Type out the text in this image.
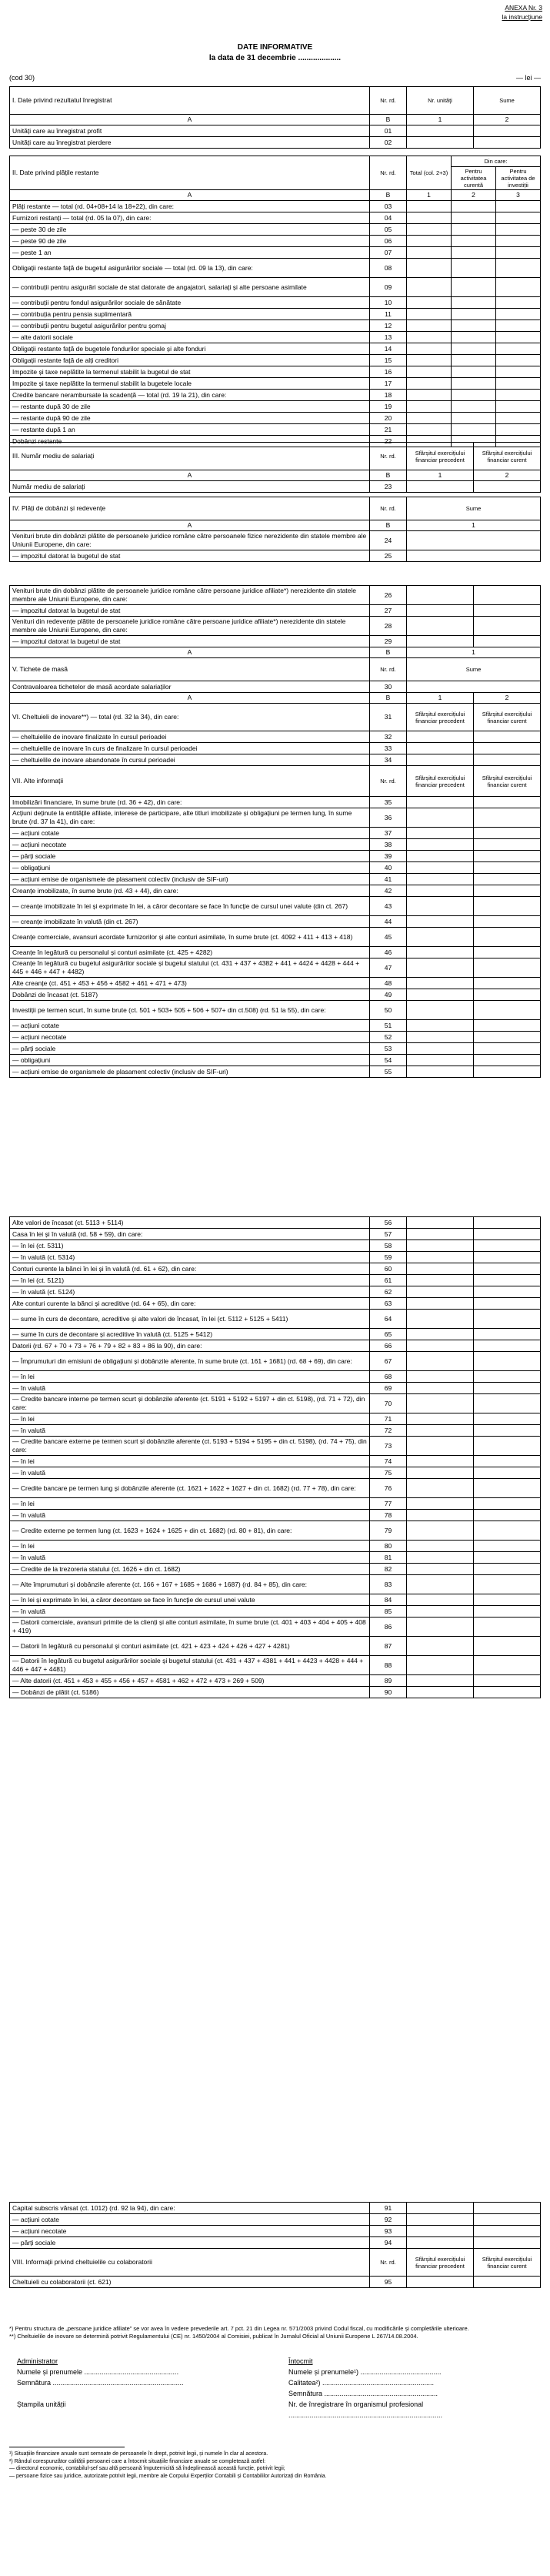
ANEXA Nr. 3
la instrucțiune
DATE INFORMATIVE
la data de 31 decembrie ....................
(cod 30)	— lei —
I. Date privind rezultatul înregistrat	Nr. rd.	Nr. unităţi	Sume
A	B	1	2
Unități care au înregistrat profit	01		
Unități care au înregistrat pierdere	02		
II. Date privind plățile restante	Nr. rd.	Total (col. 2+3)	Din care:	
			Pentru activitatea curentă	Pentru activitatea de investiții
A	B	1	2	3
Plăți restante — total (rd. 04+08+14 la 18+22), din care:	03			
Furnizori restanți — total (rd. 05 la 07), din care:	04			
— peste 30 de zile	05			
— peste 90 de zile	06			
— peste 1 an	07			
Obligații restante față de bugetul asigurărilor sociale — total (rd. 09 la 13), din care:	08			
— contribuții pentru asigurări sociale de stat datorate de angajatori, salariați și alte persoane asimilate	09			
— contribuții pentru fondul asigurărilor sociale de sănătate	10			
— contribuția pentru pensia suplimentară	11			
— contribuții pentru bugetul asigurărilor pentru șomaj	12			
— alte datorii sociale	13			
Obligații restante față de bugetele fondurilor speciale și alte fonduri	14			
Obligații restante față de alți creditori	15			
Impozite și taxe neplătite la termenul stabilit la bugetul de stat	16			
Impozite și taxe neplătite la termenul stabilit la bugetele locale	17			
Credite bancare nerambursate la scadență — total (rd. 19 la 21), din care:	18			
— restante după 30 de zile	19			
— restante după 90 de zile	20			
— restante după 1 an	21			
Dobânzi restante	22			
III. Număr mediu de salariați	Nr. rd.	Sfârșitul exercițiului financiar precedent	Sfârșitul exercițiului financiar curent
A	B	1	2
Număr mediu de salariați	23		
IV. Plăți de dobânzi și redevențe	Nr. rd.	Sume
A	B	1
Venituri brute din dobânzi plătite de persoanele juridice române către persoanele fizice nerezidente din statele membre ale Uniunii Europene, din care:	24	
— impozitul datorat la bugetul de stat	25	
Venituri brute din dobânzi plătite de persoanele juridice române către persoane juridice afiliate*) nerezidente din statele membre ale Uniunii Europene, din care:	26		
— impozitul datorat la bugetul de stat	27		
Venituri din redevențe plătite de persoanele juridice române către persoane juridice afiliate*) nerezidente din statele membre ale Uniunii Europene, din care:	28		
— impozitul datorat la bugetul de stat	29		
A	B	1	
V. Tichete de masă	Nr. rd.	Sume	
Contravaloarea tichetelor de masă acordate salariaților	30		
A	B	1	2
VI. Cheltuieli de inovare**) — total (rd. 32 la 34), din care:	31	Sfârșitul exercițiului financiar precedent	Sfârșitul exercițiului financiar curent
— cheltuielile de inovare finalizate în cursul perioadei	32		
— cheltuielile de inovare în curs de finalizare în cursul perioadei	33		
— cheltuielile de inovare abandonate în cursul perioadei	34		
VII. Alte informații	Nr. rd.	Sfârșitul exercițiului financiar precedent	Sfârșitul exercițiului financiar curent
Imobilizări financiare, în sume brute (rd. 36 + 42), din care:	35		
Acțiuni deținute la entitățile afiliate, interese de participare, alte titluri imobilizate și obligațiuni pe termen lung, în sume brute (rd. 37 la 41), din care:	36		
— acțiuni cotate	37		
— acțiuni necotate	38		
— părți sociale	39		
— obligațiuni	40		
— acțiuni emise de organismele de plasament colectiv (inclusiv de SIF-uri)	41		
Creanțe imobilizate, în sume brute (rd. 43 + 44), din care:	42		
— creanțe imobilizate în lei și exprimate în lei, a căror decontare se face în funcție de cursul unei valute (din ct. 267)	43		
— creanțe imobilizate în valută (din ct. 267)	44		
Creanțe comerciale, avansuri acordate furnizorilor și alte conturi asimilate, în sume brute (ct. 4092 + 411 + 413 + 418)	45		
Creanțe în legătură cu personalul și conturi asimilate (ct. 425 + 4282)	46		
Creanțe în legătură cu bugetul asigurărilor sociale și bugetul statului (ct. 431 + 437 + 4382 + 441 + 4424 + 4428 + 444 + 445 + 446 + 447 + 4482)	47		
Alte creanțe (ct. 451 + 453 + 456 + 4582 + 461 + 471 + 473)	48		
Dobânzi de încasat (ct. 5187)	49		
Investiții pe termen scurt, în sume brute (ct. 501 + 503+ 505 + 506 + 507+ din ct.508) (rd. 51 la 55), din care:	50		
— acțiuni cotate	51		
— acțiuni necotate	52		
— părți sociale	53		
— obligațiuni	54		
— acțiuni emise de organismele de plasament colectiv (inclusiv de SIF-uri)	55		
Alte valori de încasat (ct. 5113 + 5114)	56		
Casa în lei și în valută (rd. 58 + 59), din care:	57		
— în lei (ct. 5311)	58		
— în valută (ct. 5314)	59		
Conturi curente la bănci în lei și în valută (rd. 61 + 62), din care:	60		
— în lei (ct. 5121)	61		
— în valută (ct. 5124)	62		
Alte conturi curente la bănci și acreditive (rd. 64 + 65), din care:	63		
— sume în curs de decontare, acreditive și alte valori de încasat, în lei (ct. 5112 + 5125 + 5411)	64		
— sume în curs de decontare și acreditive în valută (ct. 5125 + 5412)	65		
Datorii (rd. 67 + 70 + 73 + 76 + 79 + 82 + 83 + 86 la 90), din care:	66		
— Împrumuturi din emisiuni de obligațiuni și dobânzile aferente, în sume brute (ct. 161 + 1681) (rd. 68 + 69), din care:	67		
— în lei	68		
— în valută	69		
— Credite bancare interne pe termen scurt și dobânzile aferente (ct. 5191 + 5192 + 5197 + din ct. 5198), (rd. 71 + 72), din care:	70		
— în lei	71		
— în valută	72		
— Credite bancare externe pe termen scurt și dobânzile aferente (ct. 5193 + 5194 + 5195 + din ct. 5198), (rd. 74 + 75), din care:	73		
— în lei	74		
— în valută	75		
— Credite bancare pe termen lung și dobânzile aferente (ct. 1621 + 1622 + 1627 + din ct. 1682) (rd. 77 + 78), din care:	76		
— în lei	77		
— în valută	78		
— Credite externe pe termen lung (ct. 1623 + 1624 + 1625 + din ct. 1682) (rd. 80 + 81), din care:	79		
— în lei	80		
— în valută	81		
— Credite de la trezoreria statului (ct. 1626 + din ct. 1682)	82		
— Alte împrumuturi și dobânzile aferente (ct. 166 + 167 + 1685 + 1686 + 1687) (rd. 84 + 85), din care:	83		
— în lei și exprimate în lei, a căror decontare se face în funcție de cursul unei valute	84		
— în valută	85		
— Datorii comerciale, avansuri primite de la clienți și alte conturi asimilate, în sume brute (ct. 401 + 403 + 404 + 405 + 408 + 419)	86		
— Datorii în legătură cu personalul și conturi asimilate (ct. 421 + 423 + 424 + 426 + 427 + 4281)	87		
— Datorii în legătură cu bugetul asigurărilor sociale și bugetul statului (ct. 431 + 437 + 4381 + 441 + 4423 + 4428 + 444 + 446 + 447 + 4481)	88		
— Alte datorii (ct. 451 + 453 + 455 + 456 + 457 + 4581 + 462 + 472 + 473 + 269 + 509)	89		
— Dobânzi de plătit (ct. 5186)	90		
Capital subscris vărsat (ct. 1012) (rd. 92 la 94), din care:	91		
— acțiuni cotate	92		
— acțiuni necotate	93		
— părți sociale	94		
VIII. Informații privind cheltuielile cu colaboratorii	Nr. rd.	Sfârșitul exercițiului financiar precedent	Sfârșitul exercițiului financiar curent
Cheltuieli cu colaboratorii (ct. 621)	95		
*) Pentru structura de „persoane juridice afiliate” se vor avea în vedere prevederile art. 7 pct. 21 din Legea nr. 571/2003 privind Codul fiscal, cu modificările și completările ulterioare.
**) Cheltuielile de inovare se determină potrivit Regulamentului (CE) nr. 1450/2004 al Comisiei, publicat în Jurnalul Oficial al Uniunii Europene L 267/14.08.2004.
Administrator
Numele și prenumele .................................................
Semnătura ....................................................................
Ștampila unității
Întocmit
Numele și prenumele¹) ..........................................
Calitatea²) ..........................................................
Semnătura ...........................................................
Nr. de înregistrare în organismul profesional
................................................................................
¹) Situațiile financiare anuale sunt semnate de persoanele în drept, potrivit legii, și numele în clar al acestora.
²) Rândul corespunzător calității persoanei care a întocmit situațiile financiare anuale se completează astfel:
— directorul economic, contabilul-șef sau altă persoană împuternicită să îndeplinească această funcție, potrivit legii;
— persoane fizice sau juridice, autorizate potrivit legii, membre ale Corpului Experților Contabili și Contabililor Autorizați din România.
